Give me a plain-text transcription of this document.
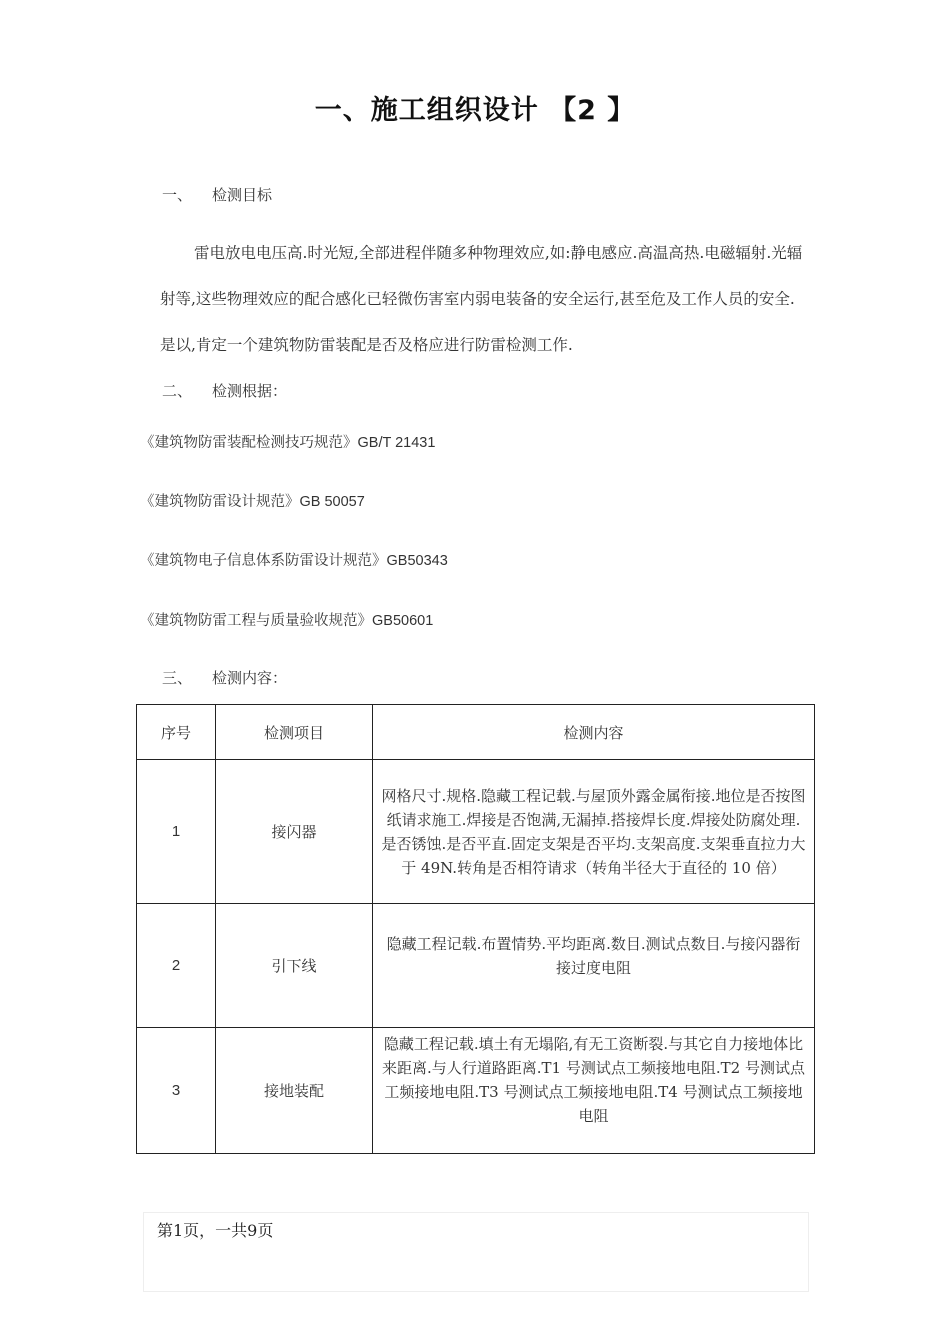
一、施工组织设计 【2 】
一、 检测目标

雷电放电电压高.时光短,全部进程伴随多种物理效应,如:静电感应.高温高热.电磁辐射.光辐射等,这些物理效应的配合感化已轻微伤害室内弱电装备的安全运行,甚至危及工作人员的安全.是以,肯定一个建筑物防雷装配是否及格应进行防雷检测工作.

二、 检测根据：
《建筑物防雷装配检测技巧规范》GB/T 21431
《建筑物防雷设计规范》GB 50057
《建筑物电子信息体系防雷设计规范》GB50343
《建筑物防雷工程与质量验收规范》GB50601
三、 检测内容：
序号	检测项目	检测内容
1	接闪器	网格尺寸.规格.隐藏工程记载.与屋顶外露金属衔接.地位是否按图纸请求施工.焊接是否饱满,无漏掉.搭接焊长度.焊接处防腐处理.是否锈蚀.是否平直.固定支架是否平均.支架高度.支架垂直拉力大于 49N.转角是否相符请求（转角半径大于直径的 10 倍）
2	引下线	隐藏工程记载.布置情势.平均距离.数目.测试点数目.与接闪器衔接过度电阻
3	接地装配	隐藏工程记载.填土有无塌陷,有无工资断裂.与其它自力接地体比来距离.与人行道路距离.T1 号测试点工频接地电阻.T2 号测试点工频接地电阻.T3 号测试点工频接地电阻.T4 号测试点工频接地电阻
第1页，一共9页
